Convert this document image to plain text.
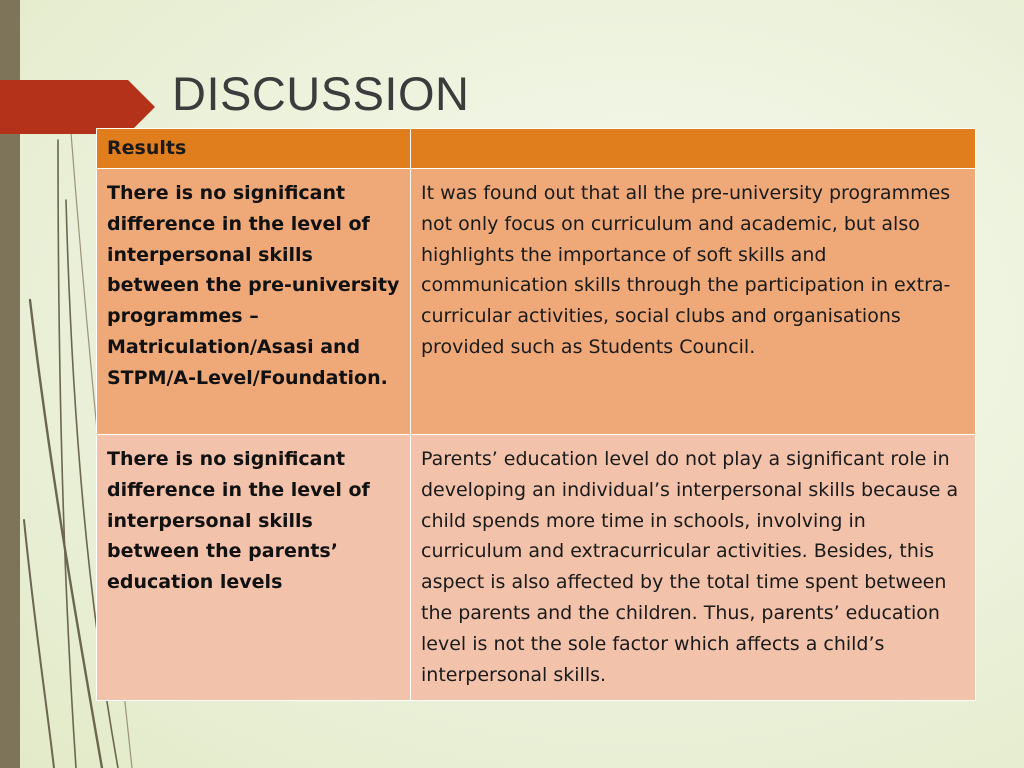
DISCUSSION
Results	
There is no significant difference in the level of interpersonal skills between the pre-university programmes – Matriculation/Asasi and STPM/A-Level/Foundation.	It was found out that all the pre-university programmes not only focus on curriculum and academic, but also highlights the importance of soft skills and communication skills through the participation in extra-curricular activities, social clubs and organisations provided such as Students Council.
There is no significant difference in the level of interpersonal skills between the parents’ education levels	Parents’ education level do not play a significant role in developing an individual’s interpersonal skills because a child spends more time in schools, involving in curriculum and extracurricular activities. Besides, this aspect is also affected by the total time spent between the parents and the children. Thus, parents’ education level is not the sole factor which affects a child’s interpersonal skills.
